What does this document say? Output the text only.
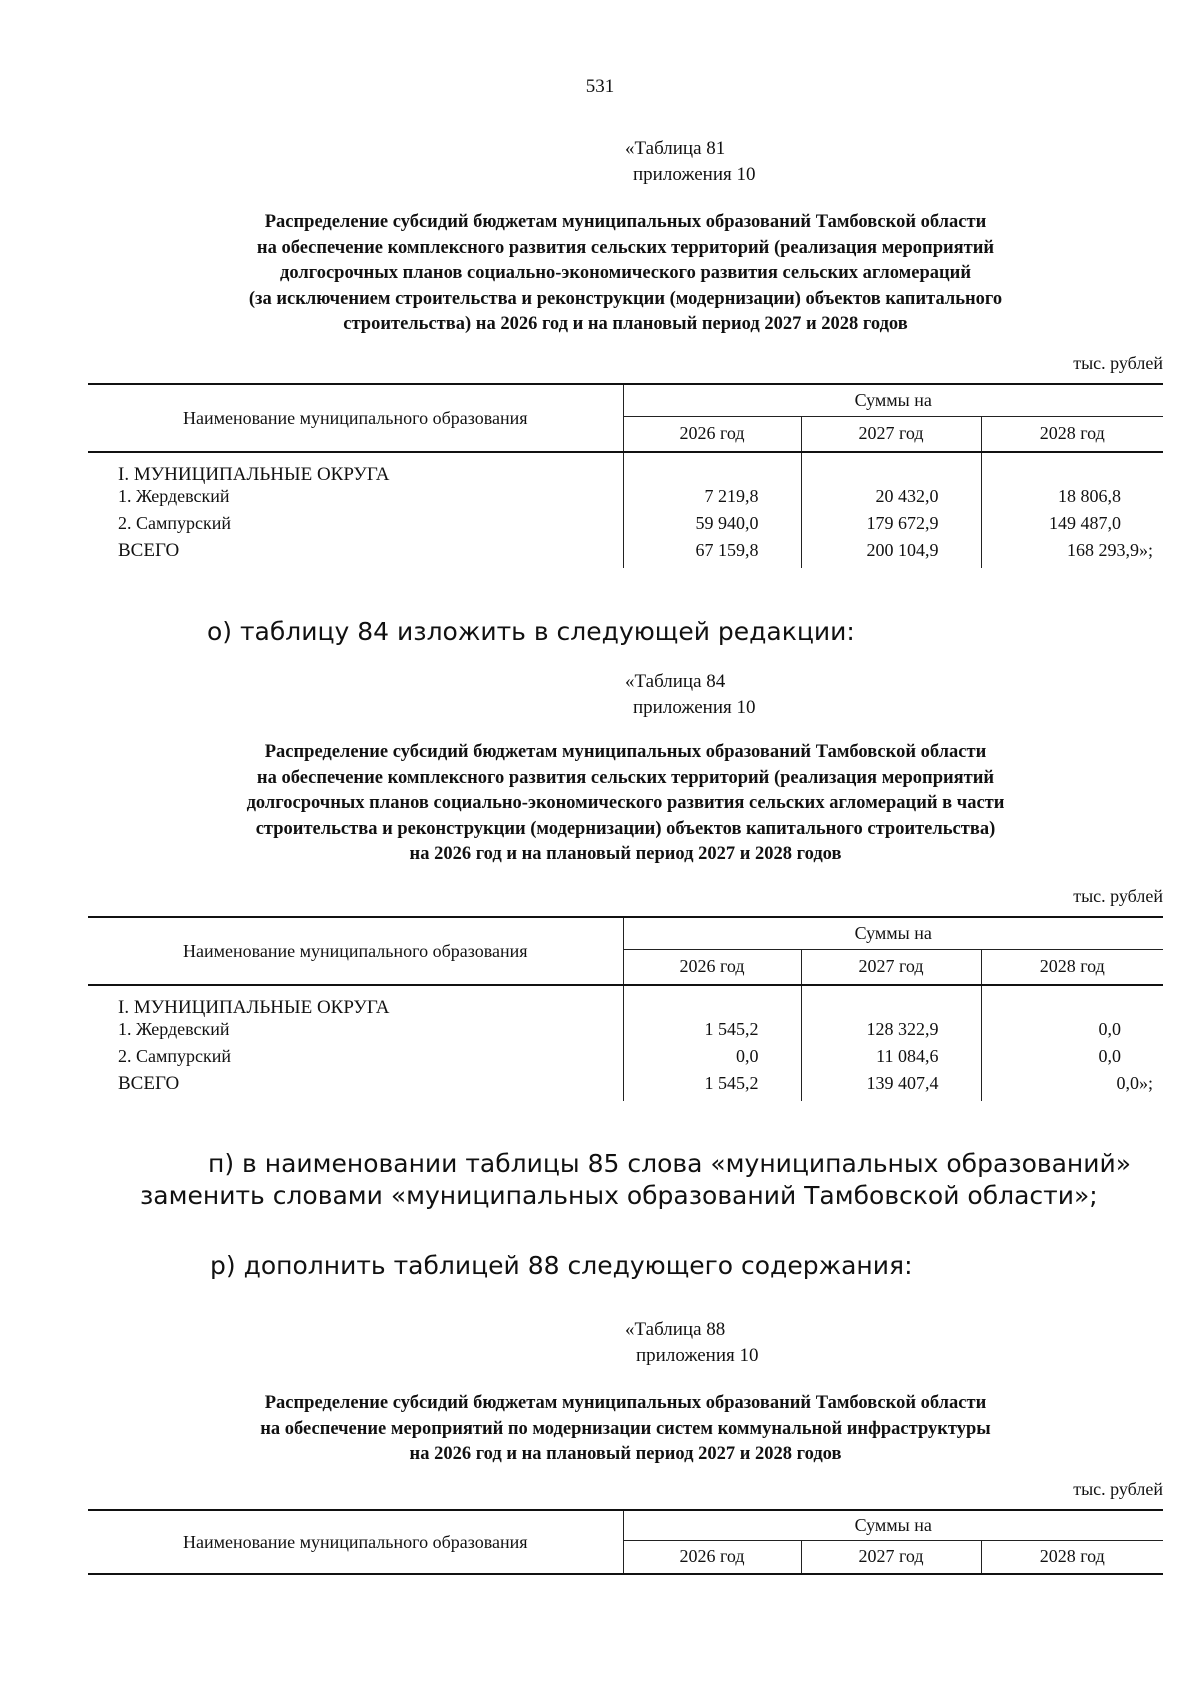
531
«Таблица 81
приложения 10
Распределение субсидий бюджетам муниципальных образований Тамбовской области
на обеспечение комплексного развития сельских территорий (реализация мероприятий
долгосрочных планов социально-экономического развития сельских агломераций
(за исключением строительства и реконструкции (модернизации) объектов капитального
строительства) на 2026 год и на плановый период 2027 и 2028 годов
тыс. рублей
Наименование муниципального образования	Суммы на		
	2026 год	2027 год	2028 год
I. МУНИЦИПАЛЬНЫЕ ОКРУГА			
1. Жердевский	7 219,8	20 432,0	18 806,8
2. Сампурский	59 940,0	179 672,9	149 487,0
ВСЕГО	67 159,8	200 104,9	168 293,9»;
о) таблицу 84 изложить в следующей редакции:
«Таблица 84
приложения 10
Распределение субсидий бюджетам муниципальных образований Тамбовской области
на обеспечение комплексного развития сельских территорий (реализация мероприятий
долгосрочных планов социально-экономического развития сельских агломераций в части
строительства и реконструкции (модернизации) объектов капитального строительства)
на 2026 год и на плановый период 2027 и 2028 годов
тыс. рублей
Наименование муниципального образования	Суммы на		
	2026 год	2027 год	2028 год
I. МУНИЦИПАЛЬНЫЕ ОКРУГА			
1. Жердевский	1 545,2	128 322,9	0,0
2. Сампурский	0,0	11 084,6	0,0
ВСЕГО	1 545,2	139 407,4	0,0»;
п) в наименовании таблицы 85 слова «муниципальных образований»
заменить словами «муниципальных образований Тамбовской области»;
р) дополнить таблицей 88 следующего содержания:
«Таблица 88
приложения 10
Распределение субсидий бюджетам муниципальных образований Тамбовской области
на обеспечение мероприятий по модернизации систем коммунальной инфраструктуры
на 2026 год и на плановый период 2027 и 2028 годов
тыс. рублей
Наименование муниципального образования	Суммы на		
	2026 год	2027 год	2028 год
